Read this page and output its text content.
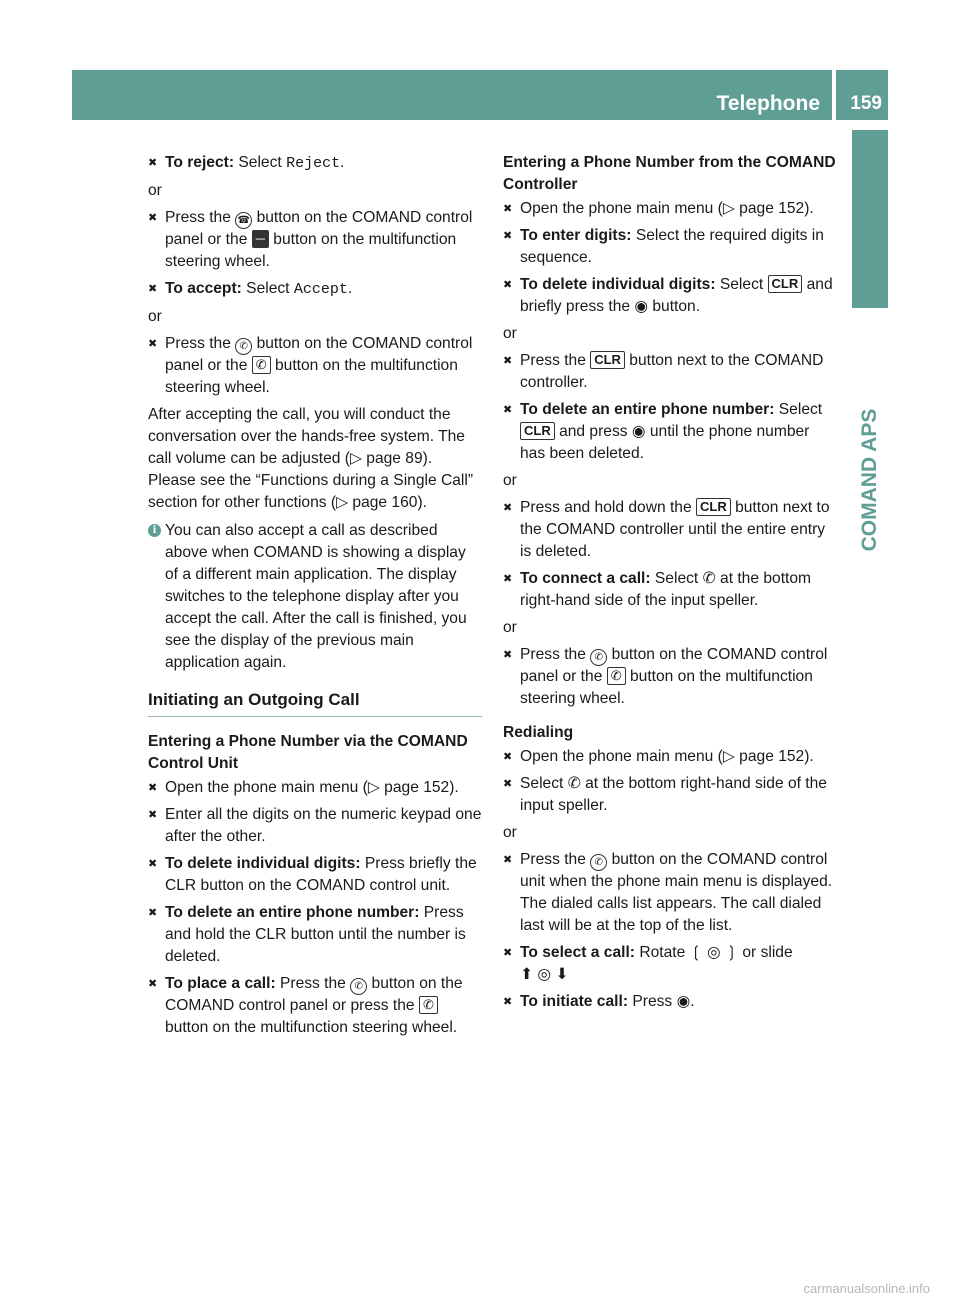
Telephone 159
COMAND APS
✖ To reject: Select Reject.
or
✖ Press the ☎ button on the COMAND control panel or the ─ button on the multifunction steering wheel.
✖ To accept: Select Accept.
or
✖ Press the ✆ button on the COMAND control panel or the ✆ button on the multifunction steering wheel.
After accepting the call, you will conduct the conversation over the hands-free system. The call volume can be adjusted (▷ page 89). Please see the “Functions during a Single Call” section for other functions (▷ page 160).
i You can also accept a call as described above when COMAND is showing a display of a different main application. The display switches to the telephone display after you accept the call. After the call is finished, you see the display of the previous main application again.
Initiating an Outgoing Call
Entering a Phone Number via the COMAND Control Unit
✖ Open the phone main menu (▷ page 152).
✖ Enter all the digits on the numeric keypad one after the other.
✖ To delete individual digits: Press briefly the CLR button on the COMAND control unit.
✖ To delete an entire phone number: Press and hold the CLR button until the number is deleted.
✖ To place a call: Press the ✆ button on the COMAND control panel or press the ✆ button on the multifunction steering wheel.
Entering a Phone Number from the COMAND Controller
✖ Open the phone main menu (▷ page 152).
✖ To enter digits: Select the required digits in sequence.
✖ To delete individual digits: Select CLR and briefly press the ◉ button.
or
✖ Press the CLR button next to the COMAND controller.
✖ To delete an entire phone number: Select CLR and press ◉ until the phone number has been deleted.
or
✖ Press and hold down the CLR button next to the COMAND controller until the entire entry is deleted.
✖ To connect a call: Select ✆ at the bottom right-hand side of the input speller.
or
✖ Press the ✆ button on the COMAND control panel or the ✆ button on the multifunction steering wheel.
Redialing
✖ Open the phone main menu (▷ page 152).
✖ Select ✆ at the bottom right-hand side of the input speller.
or
✖ Press the ✆ button on the COMAND control unit when the phone main menu is displayed.
The dialed calls list appears. The call dialed last will be at the top of the list.
✖ To select a call: Rotate ❲ ◎ ❳ or slide
⬆ ◎ ⬇
✖ To initiate call: Press ◉.
carmanualsonline.info
